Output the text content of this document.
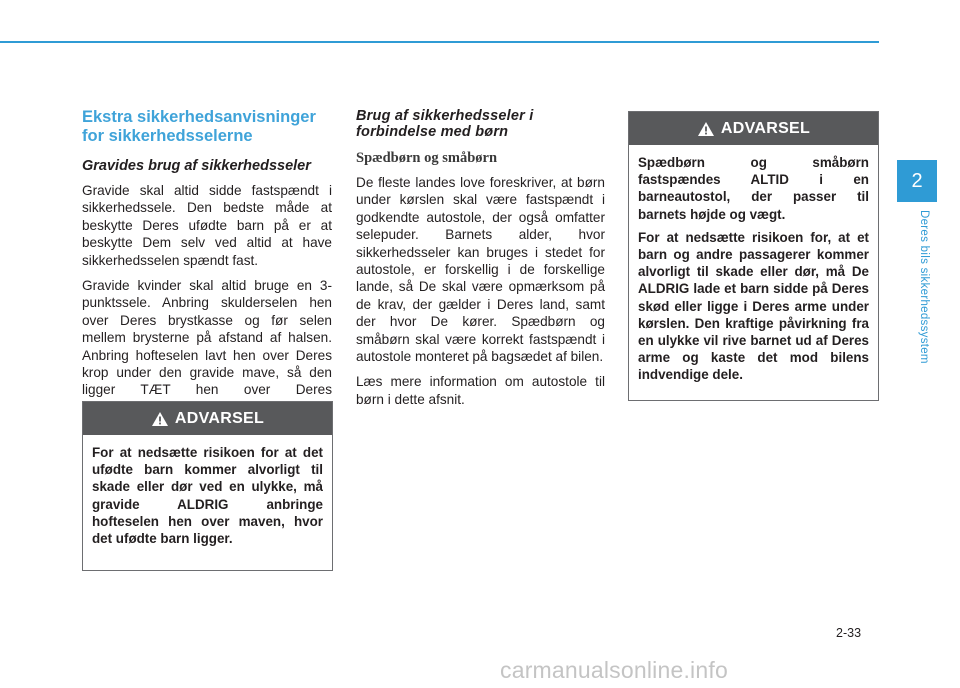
Ekstra sikkerhedsanvisninger for sikkerhedsselerne
Gravides brug af sikkerhedsseler

Gravide skal altid sidde fastspændt i sikkerhedssele. Den bedste måde at beskytte Deres ufødte barn på er at beskytte Dem selv ved altid at have sikkerhedsselen spændt fast.

Gravide kvinder skal altid bruge en 3-punktssele. Anbring skulderselen hen over Deres brystkasse og før selen mellem brysterne på afstand af halsen. Anbring hofteselen lavt hen over Deres krop under den gravide mave, så den ligger TÆT hen over Deres

ADVARSEL

For at nedsætte risikoen for at det ufødte barn kommer alvorligt til skade eller dør ved en ulykke, må gravide ALDRIG anbringe hofteselen hen over maven, hvor det ufødte barn ligger.

Brug af sikkerhedsseler i forbindelse med børn
Spædbørn og småbørn

De fleste landes love foreskriver, at børn under kørslen skal være fastspændt i godkendte autostole, der også omfatter selepuder. Barnets alder, hvor sikkerhedsseler kan bruges i stedet for autostole, er forskellig i de forskellige lande, så De skal være opmærksom på de krav, der gælder i Deres land, samt der hvor De kører. Spædbørn og småbørn skal være korrekt fastspændt i autostole monteret på bagsædet af bilen.

Læs mere information om autostole til børn i dette afsnit.

ADVARSEL

Spædbørn og småbørn fastspændes ALTID i en barneautostol, der passer til barnets højde og vægt.

For at nedsætte risikoen for, at et barn og andre passagerer kommer alvorligt til skade eller dør, må De ALDRIG lade et barn sidde på Deres skød eller ligge i Deres arme under kørslen. Den kraftige påvirkning fra en ulykke vil rive barnet ud af Deres arme og kaste det mod bilens indvendige dele.

2
Deres bils sikkerhedssystem
2-33
carmanualsonline.info
